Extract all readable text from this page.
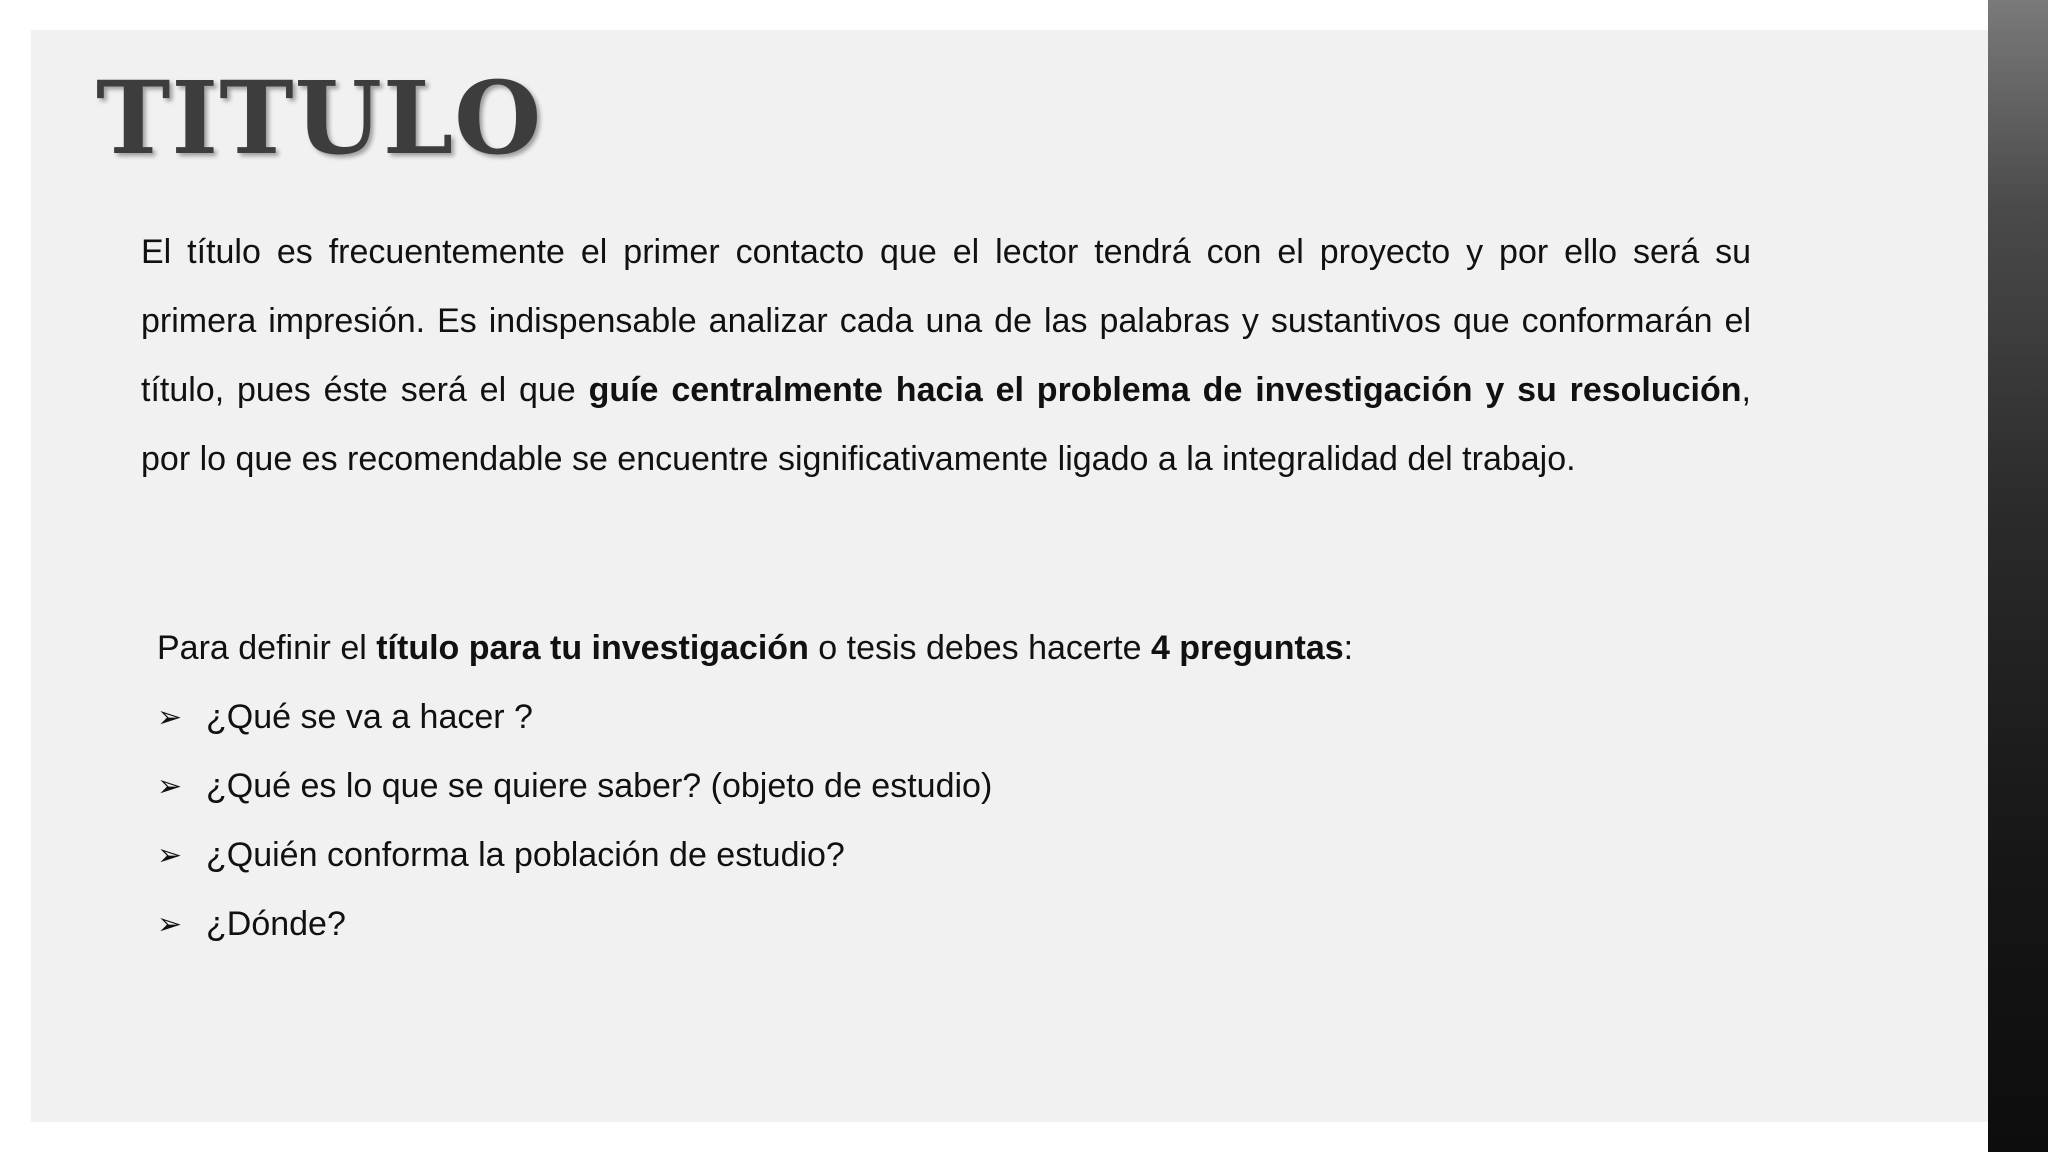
TITULO

El título es frecuentemente el primer contacto que el lector tendrá con el proyecto y por ello será su primera impresión. Es indispensable analizar cada una de las palabras y sustantivos que conformarán el título, pues éste será el que guíe centralmente hacia el problema de investigación y su resolución, por lo que es recomendable se encuentre significativamente ligado a la integralidad del trabajo.

Para definir el título para tu investigación o tesis debes hacerte 4 preguntas:

➢ ¿Qué se va a hacer ?
➢ ¿Qué es lo que se quiere saber? (objeto de estudio)
➢ ¿Quién conforma la población de estudio?
➢ ¿Dónde?
